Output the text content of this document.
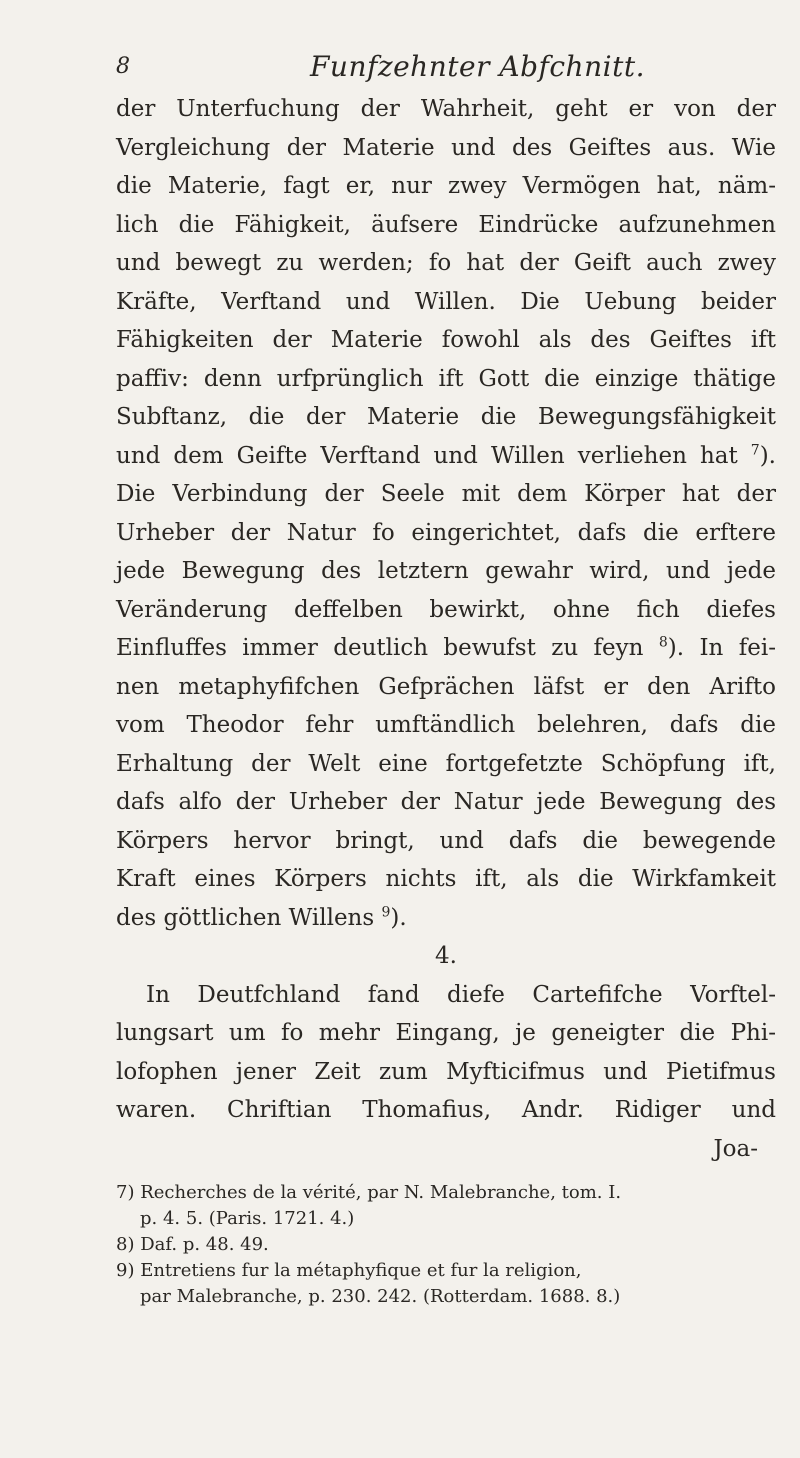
8	Funfzehnter Abfchnitt.
der Unterfuchung der Wahrheit, geht er von der
Vergleichung der Materie und des Geiftes aus. Wie
die Materie, fagt er, nur zwey Vermögen hat, näm-
lich die Fähigkeit, äufsere Eindrücke aufzunehmen
und bewegt zu werden; fo hat der Geift auch zwey
Kräfte, Verftand und Willen. Die Uebung beider
Fähigkeiten der Materie fowohl als des Geiftes ift
paffiv: denn urfprünglich ift Gott die einzige thätige
Subftanz, die der Materie die Bewegungsfähigkeit
und dem Geifte Verftand und Willen verliehen hat $^7$).
Die Verbindung der Seele mit dem Körper hat der
Urheber der Natur fo eingerichtet, dafs die erftere
jede Bewegung des letztern gewahr wird, und jede
Veränderung deffelben bewirkt, ohne fich diefes
Einfluffes immer deutlich bewufst zu feyn $^8$). In fei-
nen metaphyfifchen Gefprächen läfst er den Arifto
vom Theodor fehr umftändlich belehren, dafs die
Erhaltung der Welt eine fortgefetzte Schöpfung ift,
dafs alfo der Urheber der Natur jede Bewegung des
Körpers hervor bringt, und dafs die bewegende
Kraft eines Körpers nichts ift, als die Wirkfamkeit
des göttlichen Willens $^9$).
4.
In Deutfchland fand diefe Cartefifche Vorftel-
lungsart um fo mehr Eingang, je geneigter die Phi-
lofophen jener Zeit zum Myfticifmus und Pietifmus
waren. Chriftian Thomafius, Andr. Ridiger und
Joa-
7) Recherches de la vérité, par N. Malebranche, tom. I.
p. 4. 5. (Paris. 1721. 4.)
8) Daf. p. 48. 49.
9) Entretiens fur la métaphyfique et fur la religion,
par Malebranche, p. 230. 242. (Rotterdam. 1688. 8.)
